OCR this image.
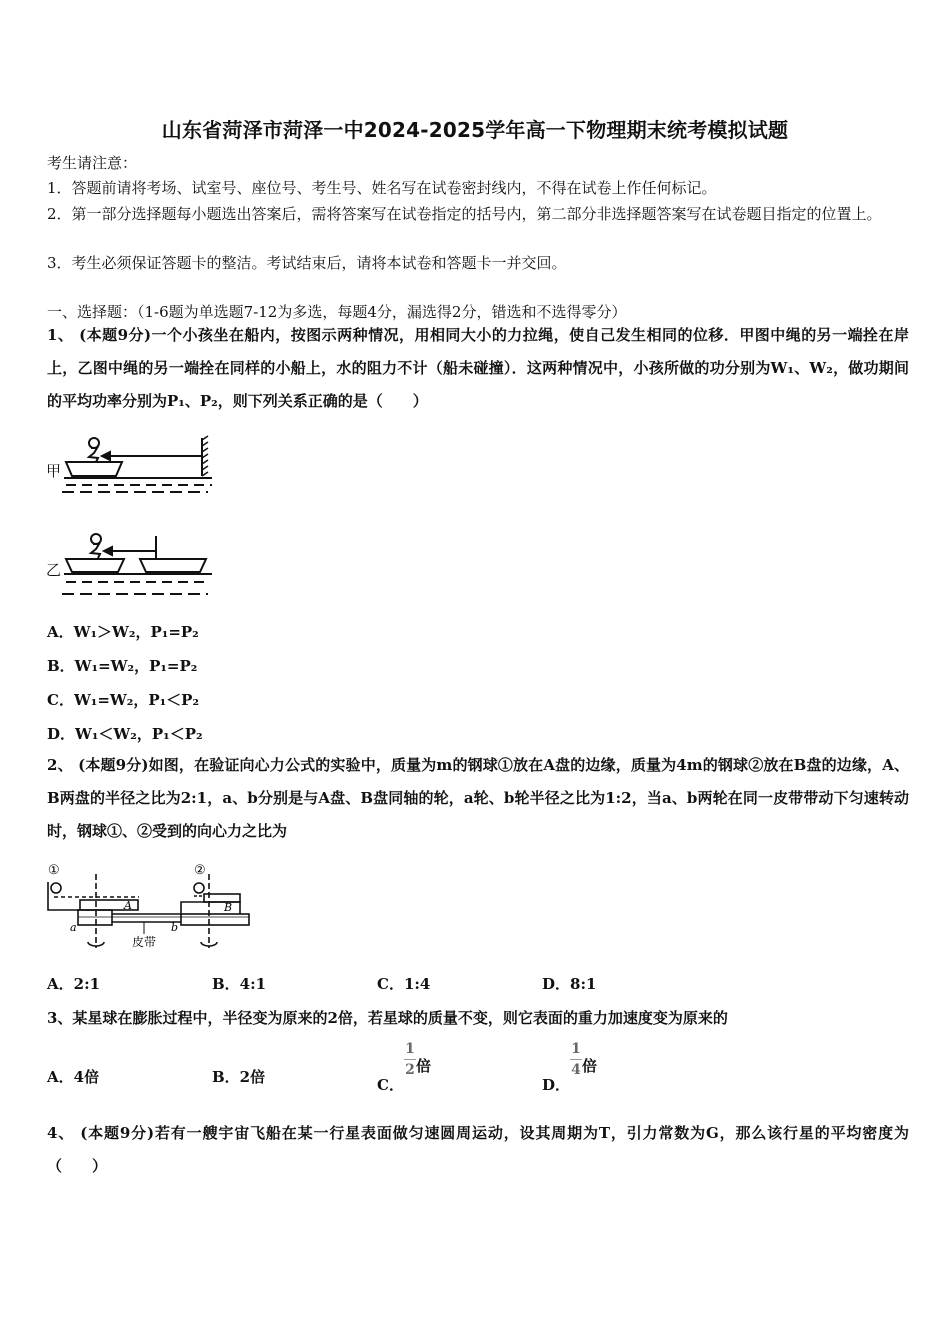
山东省菏泽市菏泽一中2024-2025学年高一下物理期末统考模拟试题
考生请注意：
1．答题前请将考场、试室号、座位号、考生号、姓名写在试卷密封线内，不得在试卷上作任何标记。
2．第一部分选择题每小题选出答案后，需将答案写在试卷指定的括号内，第二部分非选择题答案写在试卷题目指定的位置上。
3．考生必须保证答题卡的整洁。考试结束后，请将本试卷和答题卡一并交回。
一、选择题：（1-6题为单选题7-12为多选，每题4分，漏选得2分，错选和不选得零分）
1、 (本题9分)一个小孩坐在船内，按图示两种情况，用相同大小的力拉绳，使自己发生相同的位移．甲图中绳的另一端拴在岸上，乙图中绳的另一端拴在同样的小船上，水的阻力不计（船未碰撞）．这两种情况中，小孩所做的功分别为W₁、W₂，做功期间的平均功率分别为P₁、P₂，则下列关系正确的是（　　）
甲
乙
A．W₁＞W₂，P₁=P₂
B．W₁=W₂，P₁=P₂
C．W₁=W₂，P₁＜P₂
D．W₁＜W₂，P₁＜P₂
2、 (本题9分)如图，在验证向心力公式的实验中，质量为m的钢球①放在A盘的边缘，质量为4m的钢球②放在B盘的边缘，A、B两盘的半径之比为2:1，a、b分别是与A盘、B盘同轴的轮，a轮、b轮半径之比为1:2，当a、b两轮在同一皮带带动下匀速转动时，钢球①、②受到的向心力之比为
①	②
A	B
a	b
皮带
A．2:1	B．4:1	C．1:4	D．8:1
3、某星球在膨胀过程中，半径变为原来的2倍，若星球的质量不变，则它表面的重力加速度变为原来的
A．4倍	B．2倍	C．
$\frac{1}{2}$ 倍
D．
$\frac{1}{4}$ 倍
4、 (本题9分)若有一艘宇宙飞船在某一行星表面做匀速圆周运动，设其周期为T，引力常数为G，那么该行星的平均密度为（　　）
